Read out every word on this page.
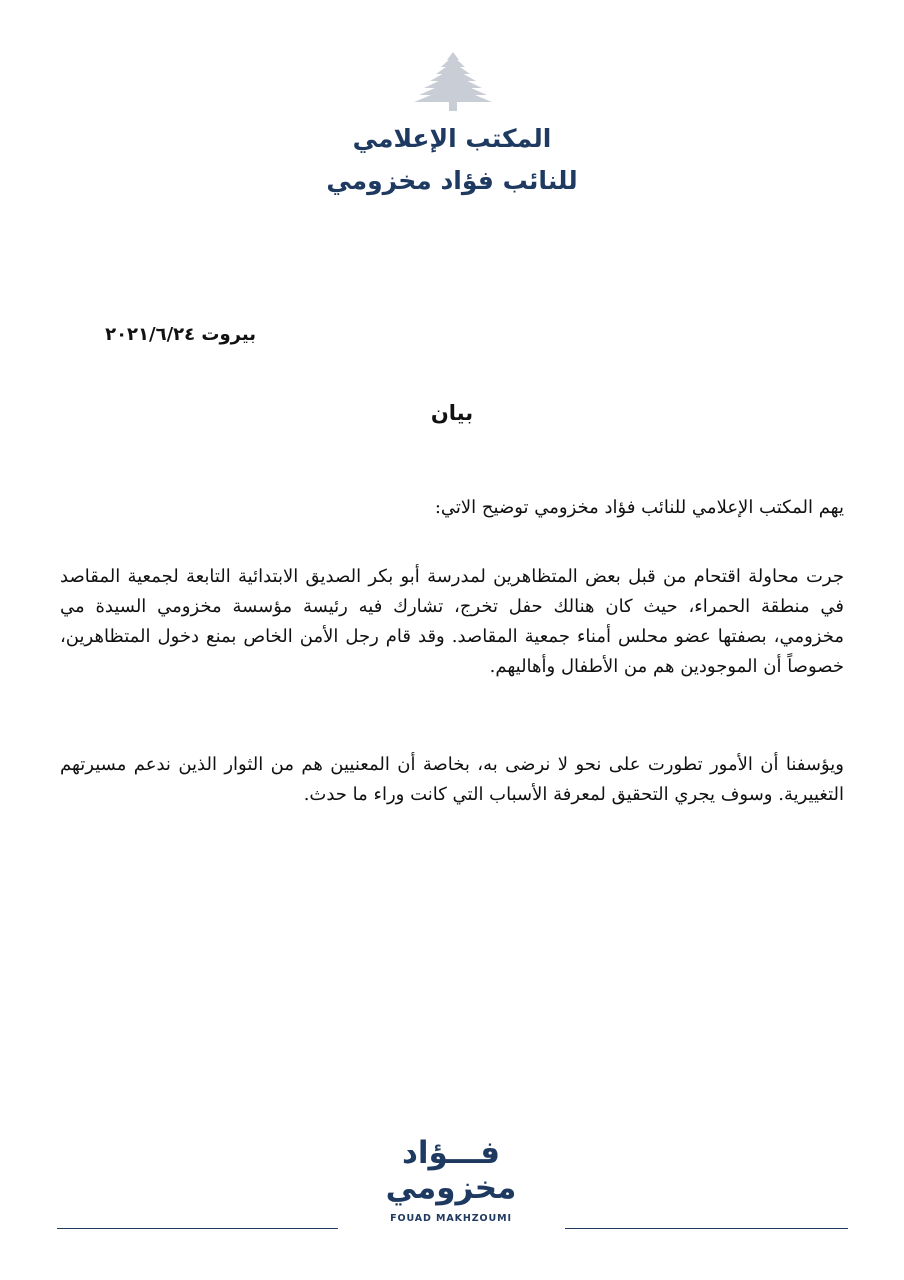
المكتب الإعلامي
للنائب فؤاد مخزومي
بيروت ٢٠٢١/٦/٢٤
بيان

يهم المكتب الإعلامي للنائب فؤاد مخزومي توضيح الاتي:

جرت محاولة اقتحام من قبل بعض المتظاهرين لمدرسة أبو بكر الصديق الابتدائية التابعة لجمعية المقاصد في منطقة الحمراء، حيث كان هنالك حفل تخرج، تشارك فيه رئيسة مؤسسة مخزومي السيدة مي مخزومي، بصفتها عضو محلس أمناء جمعية المقاصد. وقد قام رجل الأمن الخاص بمنع دخول المتظاهرين، خصوصاً أن الموجودين هم من الأطفال وأهاليهم.

ويؤسفنا أن الأمور تطورت على نحو لا نرضى به، بخاصة أن المعنيين هم من الثوار الذين ندعم مسيرتهم التغييرية. وسوف يجري التحقيق لمعرفة الأسباب التي كانت وراء ما حدث.

فـــؤاد
مخزومي
FOUAD MAKHZOUMI
